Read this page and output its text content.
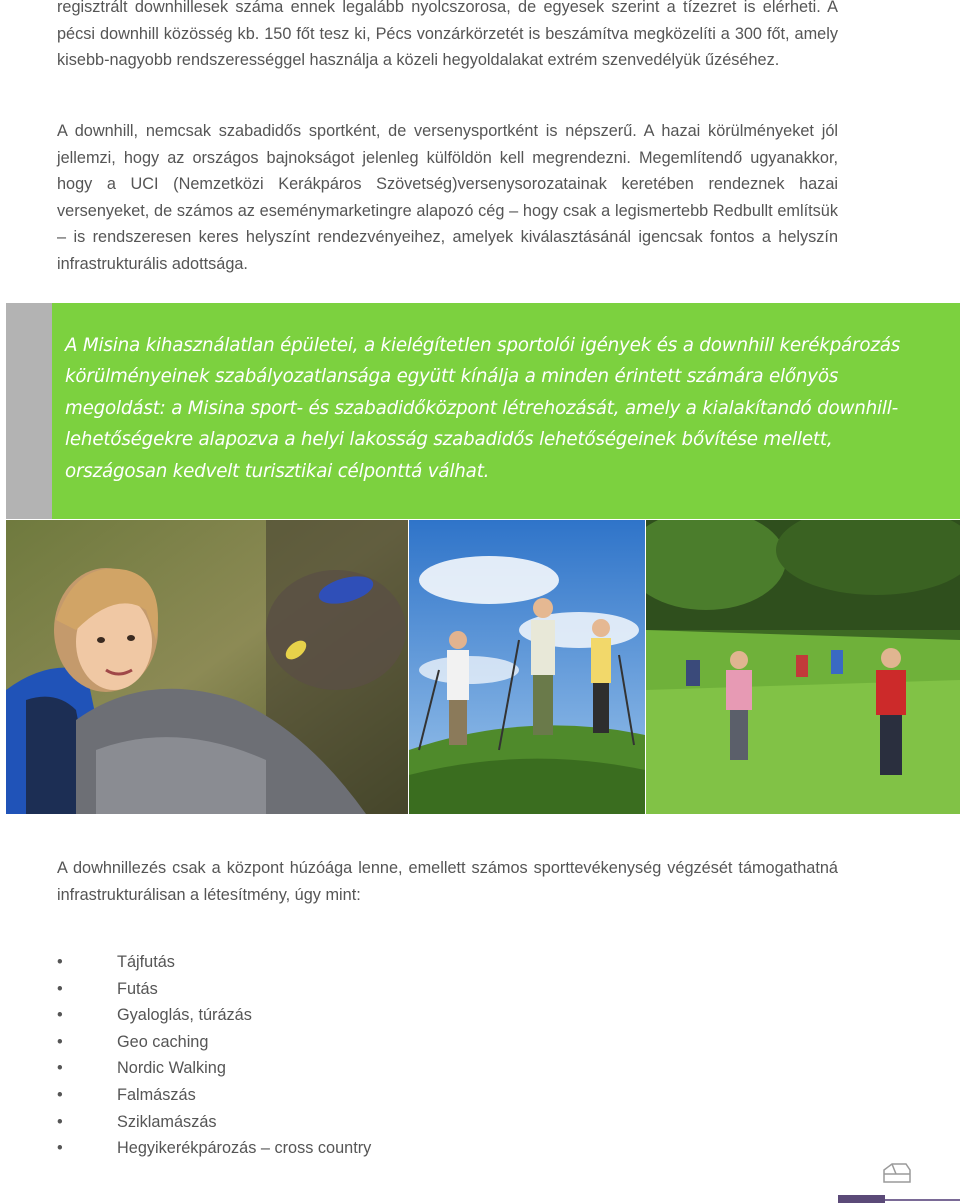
regisztrált downhillesek száma ennek legalább nyolcszorosa, de egyesek szerint a tízezret is elérheti. A pécsi downhill közösség kb. 150 főt tesz ki, Pécs vonzárkörzetét is beszámítva megközelíti a 300 főt, amely kisebb-nagyobb rendszerességgel használja a közeli hegyoldalakat extrém szenvedélyük űzéséhez.

A downhill, nemcsak szabadidős sportként, de versenysportként is népszerű. A hazai körülményeket jól jellemzi, hogy az országos bajnokságot jelenleg külföldön kell megrendezni. Megemlítendő ugyanakkor, hogy a UCI (Nemzetközi Kerákpáros Szövetség)versenysorozatainak keretében rendeznek hazai versenyeket, de számos az eseménymarketingre alapozó cég – hogy csak a legismertebb Redbullt említsük – is rendszeresen keres helyszínt rendezvényeihez, amelyek kiválasztásánál igencsak fontos a helyszín infrastrukturális adottsága.

A Misina kihasználatlan épületei, a kielégítetlen sportolói igények és a downhill kerékpározás körülményeinek szabályozatlansága együtt kínálja a minden érintett számára előnyös megoldást: a Misina sport- és szabadidőközpont létrehozását, amely a kialakítandó downhill-lehetőségekre alapozva a helyi lakosság szabadidős lehetőségeinek bővítése mellett, országosan kedvelt turisztikai célponttá válhat.

A dowhnillezés csak a központ húzóága lenne, emellett számos sporttevékenység végzését támogathatná infrastrukturálisan a létesítmény, úgy mint:

•	Tájfutás
•	Futás
•	Gyaloglás, túrázás
•	Geo caching
•	Nordic Walking
•	Falmászás
•	Sziklamászás
•	Hegyikerékpározás – cross country
